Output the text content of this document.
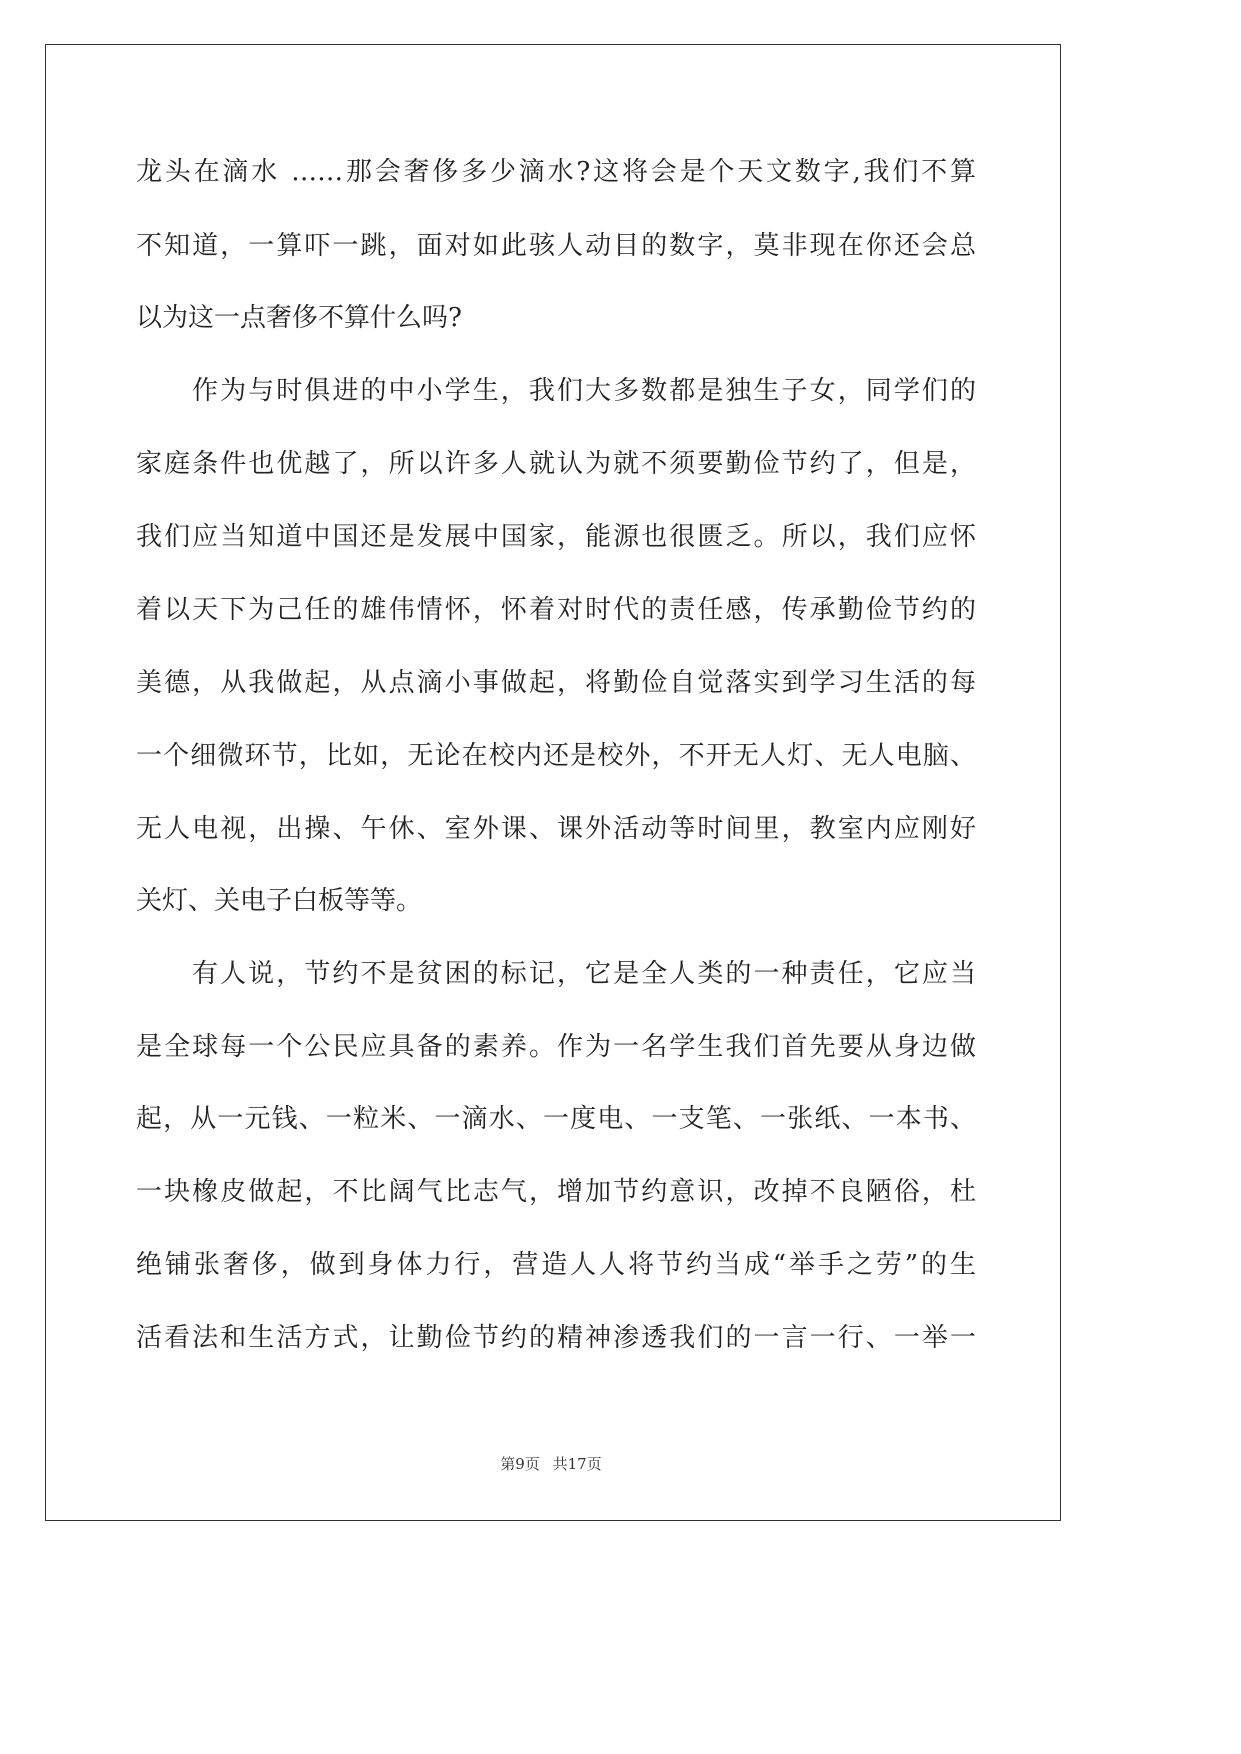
龙头在滴水 ……那会奢侈多少滴水?这将会是个天文数字,我们不算
不知道，一算吓一跳，面对如此骇人动目的数字，莫非现在你还会总
以为这一点奢侈不算什么吗?
作为与时俱进的中小学生，我们大多数都是独生子女，同学们的
家庭条件也优越了，所以许多人就认为就不须要勤俭节约了，但是，
我们应当知道中国还是发展中国家，能源也很匮乏。所以，我们应怀
着以天下为己任的雄伟情怀，怀着对时代的责任感，传承勤俭节约的
美德，从我做起，从点滴小事做起，将勤俭自觉落实到学习生活的每
一个细微环节，比如，无论在校内还是校外，不开无人灯、无人电脑、
无人电视，出操、午休、室外课、课外活动等时间里，教室内应刚好
关灯、关电子白板等等。
有人说，节约不是贫困的标记，它是全人类的一种责任，它应当
是全球每一个公民应具备的素养。作为一名学生我们首先要从身边做
起，从一元钱、一粒米、一滴水、一度电、一支笔、一张纸、一本书、
一块橡皮做起，不比阔气比志气，增加节约意识，改掉不良陋俗，杜
绝铺张奢侈，做到身体力行，营造人人将节约当成“举手之劳”的生
活看法和生活方式，让勤俭节约的精神渗透我们的一言一行、一举一
第9页 共17页
